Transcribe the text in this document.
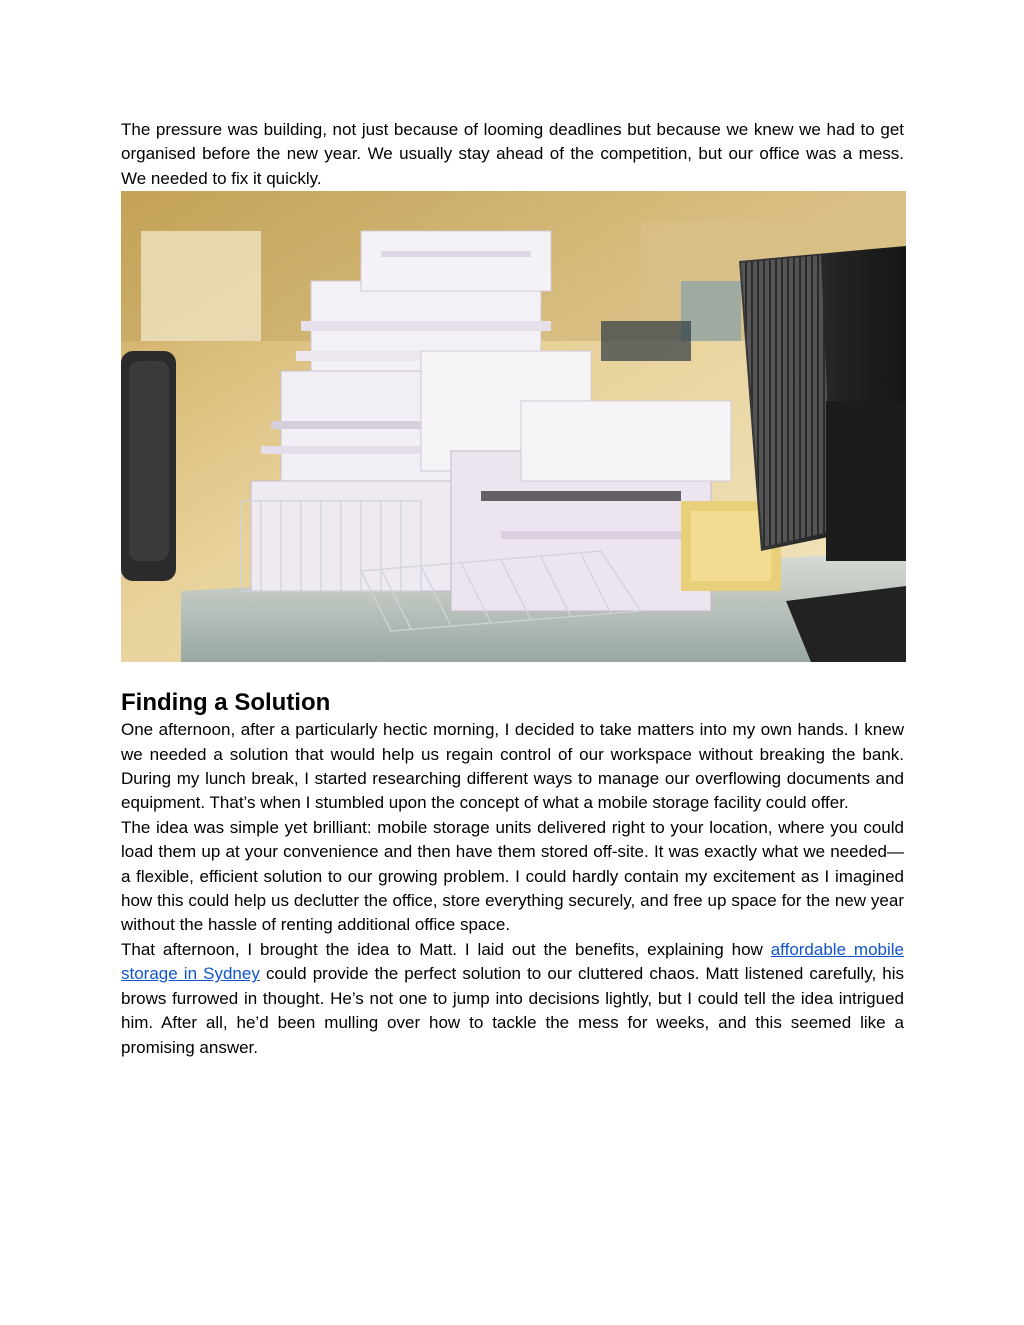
The pressure was building, not just because of looming deadlines but because we knew we had to get organised before the new year. We usually stay ahead of the competition, but our office was a mess. We needed to fix it quickly.

Finding a Solution

One afternoon, after a particularly hectic morning, I decided to take matters into my own hands. I knew we needed a solution that would help us regain control of our workspace without breaking the bank. During my lunch break, I started researching different ways to manage our overflowing documents and equipment. That’s when I stumbled upon the concept of what a mobile storage facility could offer.

The idea was simple yet brilliant: mobile storage units delivered right to your location, where you could load them up at your convenience and then have them stored off-site. It was exactly what we needed—a flexible, efficient solution to our growing problem. I could hardly contain my excitement as I imagined how this could help us declutter the office, store everything securely, and free up space for the new year without the hassle of renting additional office space.

That afternoon, I brought the idea to Matt. I laid out the benefits, explaining how affordable mobile storage in Sydney could provide the perfect solution to our cluttered chaos. Matt listened carefully, his brows furrowed in thought. He’s not one to jump into decisions lightly, but I could tell the idea intrigued him. After all, he’d been mulling over how to tackle the mess for weeks, and this seemed like a promising answer.
